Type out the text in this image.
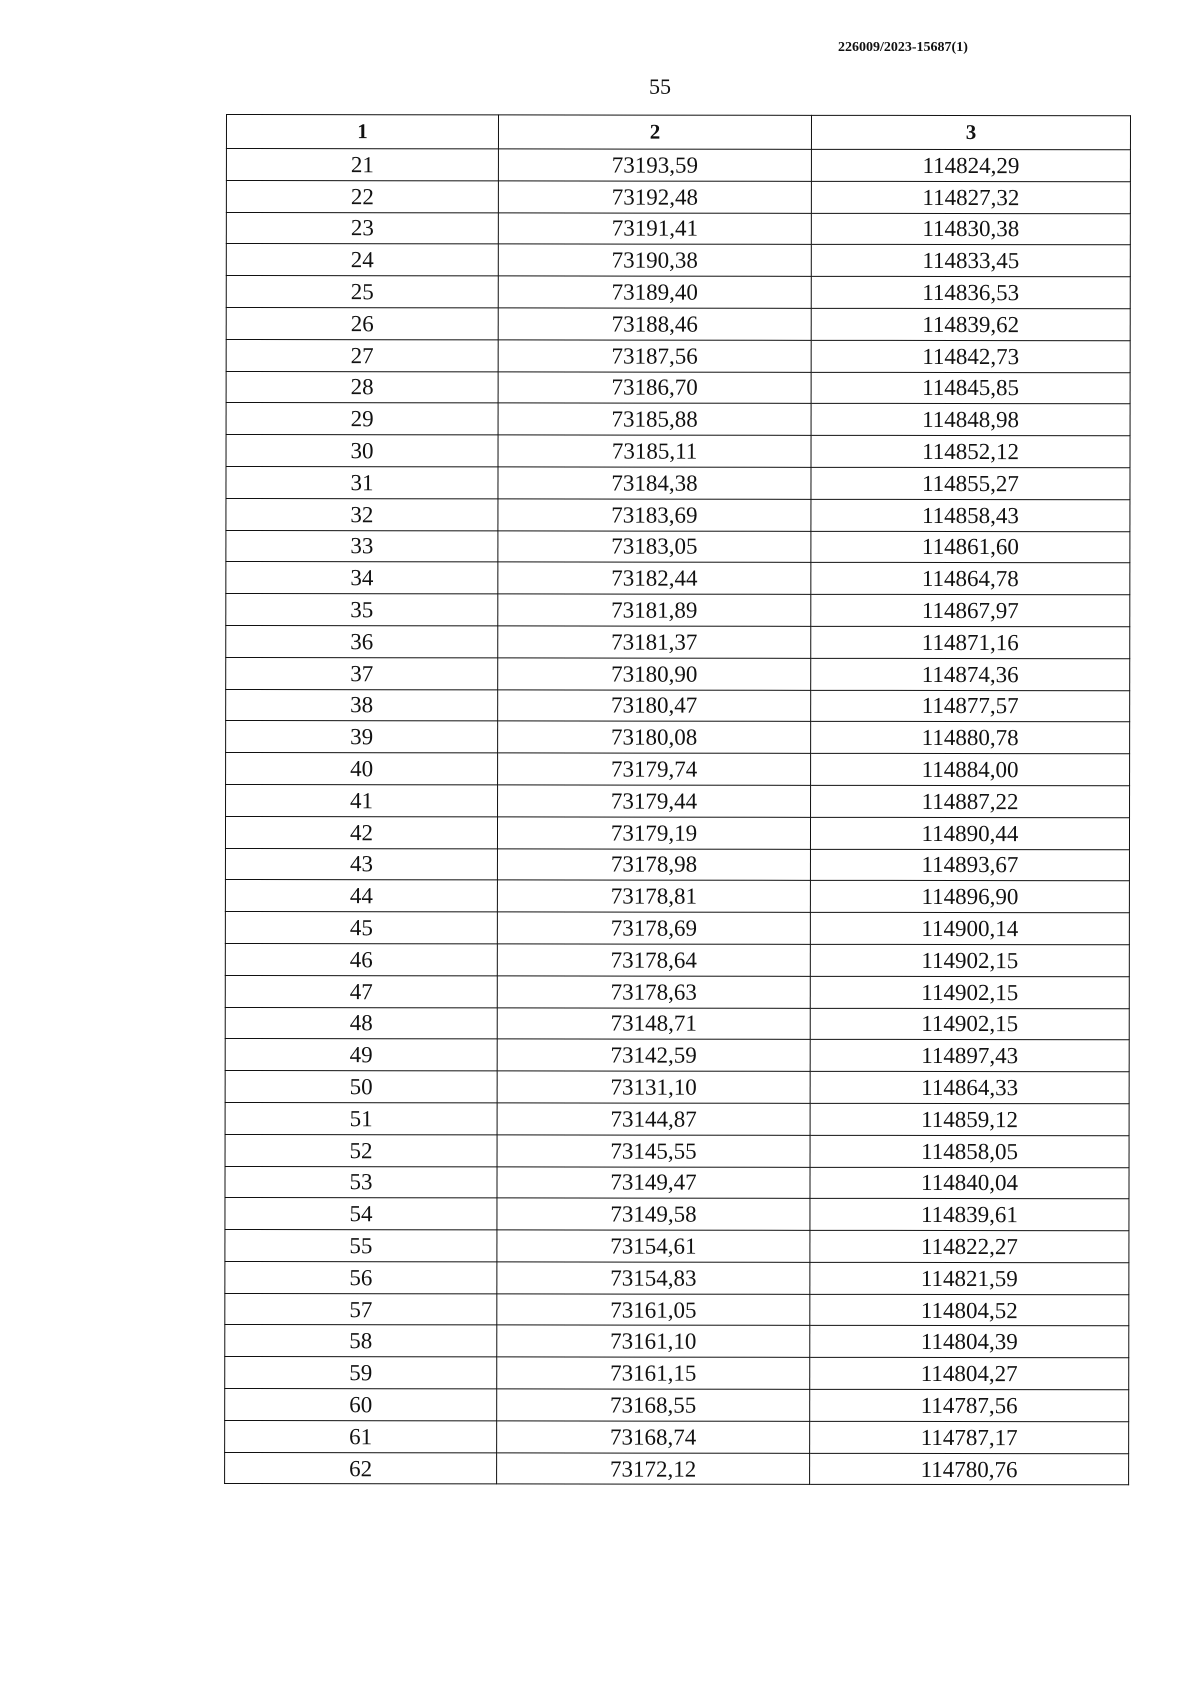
226009/2023-15687(1)
55
1	2	3
21	73193,59	114824,29
22	73192,48	114827,32
23	73191,41	114830,38
24	73190,38	114833,45
25	73189,40	114836,53
26	73188,46	114839,62
27	73187,56	114842,73
28	73186,70	114845,85
29	73185,88	114848,98
30	73185,11	114852,12
31	73184,38	114855,27
32	73183,69	114858,43
33	73183,05	114861,60
34	73182,44	114864,78
35	73181,89	114867,97
36	73181,37	114871,16
37	73180,90	114874,36
38	73180,47	114877,57
39	73180,08	114880,78
40	73179,74	114884,00
41	73179,44	114887,22
42	73179,19	114890,44
43	73178,98	114893,67
44	73178,81	114896,90
45	73178,69	114900,14
46	73178,64	114902,15
47	73178,63	114902,15
48	73148,71	114902,15
49	73142,59	114897,43
50	73131,10	114864,33
51	73144,87	114859,12
52	73145,55	114858,05
53	73149,47	114840,04
54	73149,58	114839,61
55	73154,61	114822,27
56	73154,83	114821,59
57	73161,05	114804,52
58	73161,10	114804,39
59	73161,15	114804,27
60	73168,55	114787,56
61	73168,74	114787,17
62	73172,12	114780,76
